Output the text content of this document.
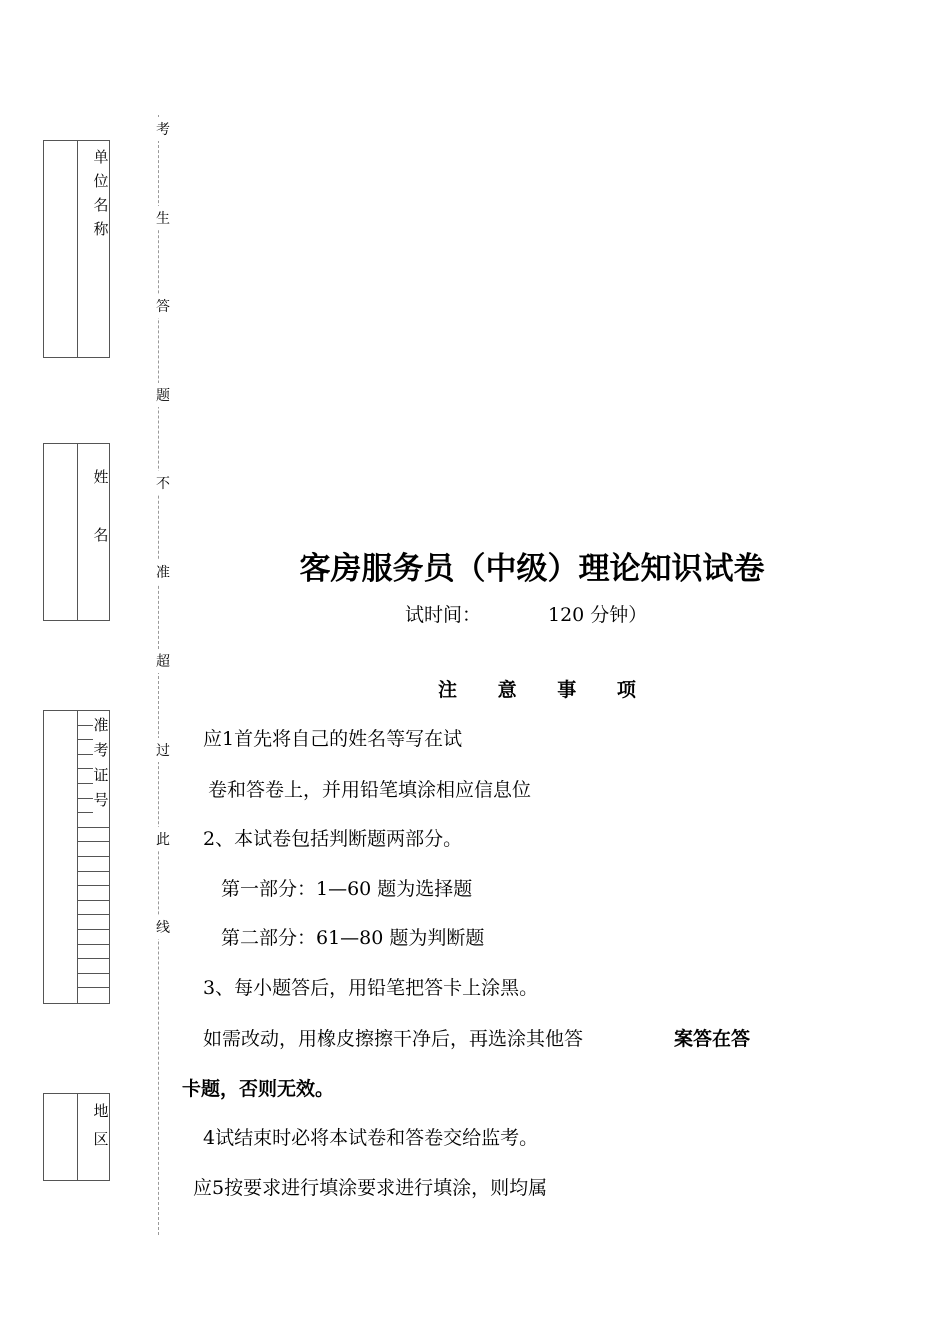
单位名称
姓名
准考证号
地区
考
生
答
题
不
准
超
过
此
线
客房服务员（中级）理论知识试卷
试时间：	120 分钟）
注 意 事 项
应1首先将自己的姓名等写在试
卷和答卷上，并用铅笔填涂相应信息位
2、本试卷包括判断题两部分。
第一部分：1—60 题为选择题
第二部分：61—80 题为判断题
3、每小题答后，用铅笔把答卡上涂黑。
如需改动，用橡皮擦擦干净后，再选涂其他答	案答在答
卡题，否则无效。
4试结束时必将本试卷和答卷交给监考。
应5按要求进行填涂要求进行填涂，则均属
